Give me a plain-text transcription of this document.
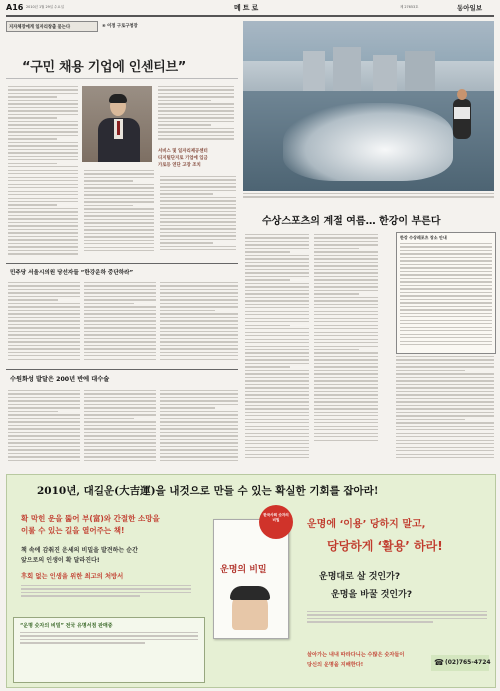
A16 2010년 1월 29일 수요일	메트로	제 27653호	동아일보
지자체장에게 일자리창출 묻는다	⑥ 이정 구로구청장
“구민 채용 기업에 인센티브”
서비스 및 일자리제공센터
디지털단지로 기업에 입금
가로등 연단 고장 조치
수상스포츠의 계절 여름… 한강이 부른다
한강 수상레포츠 장소 안내
민주당 서울시의원 당선자들 “한강운하 중단하라”
수원화성 발달은 200년 반에 대수술
2010년, 대길운(大吉運)을 내것으로 만들 수 있는 확실한 기회를 잡아라!
확 막힌 운을 뚫어 부(富)와 간절한 소망을
이룰 수 있는 길을 열어주는 책!
책 속에 감춰진 운세의 비밀을 발견하는 순간
앞으로의 인생이 확 달라진다!
후회 없는 인생을 위한 최고의 처방서
“운명 숫자의 비밀” 전국 유명서점 판매중
운명의 비밀
한국사회 숫자의 비밀	운명에 ‘이용’ 당하지 말고,
당당하게 ‘활용’ 하라!
운명대로 살 것인가?
운명을 바꿀 것인가?
살아가는 내내 따라다니는 수많은 숫자들이
당신의 운명을 지배한다!	☎ (02)765-4724
